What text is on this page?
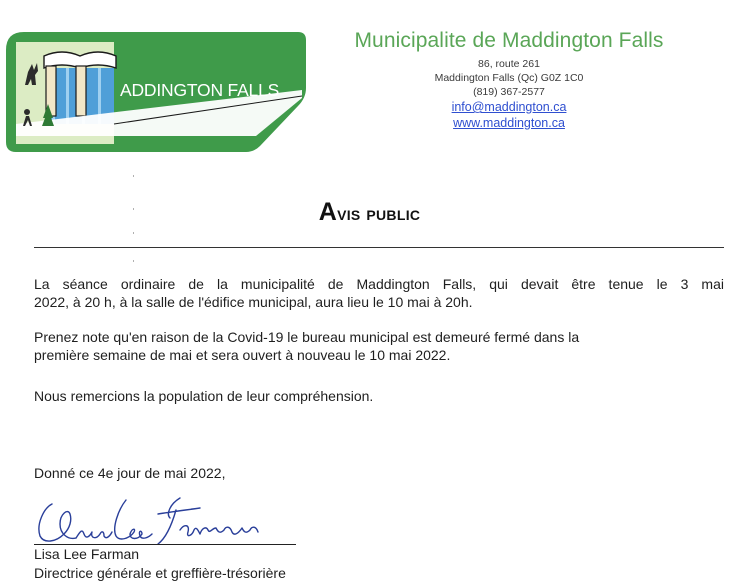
ADDINGTON FALLS
Municipalite de Maddington Falls
86, route 261
Maddington Falls (Qc) G0Z 1C0
(819) 367-2577
info@maddington.ca
www.maddington.ca
Avis public
La séance ordinaire de la municipalité de Maddington Falls, qui devait être tenue le 3 mai
2022, à 20 h, à la salle de l'édifice municipal, aura lieu le 10 mai à 20h.
Prenez note qu'en raison de la Covid-19 le bureau municipal est demeuré fermé dans la
première semaine de mai et sera ouvert à nouveau le 10 mai 2022.
Nous remercions la population de leur compréhension.
Donné ce 4e jour de mai 2022,
Lisa Lee Farman
Directrice générale et greffière-trésorière
